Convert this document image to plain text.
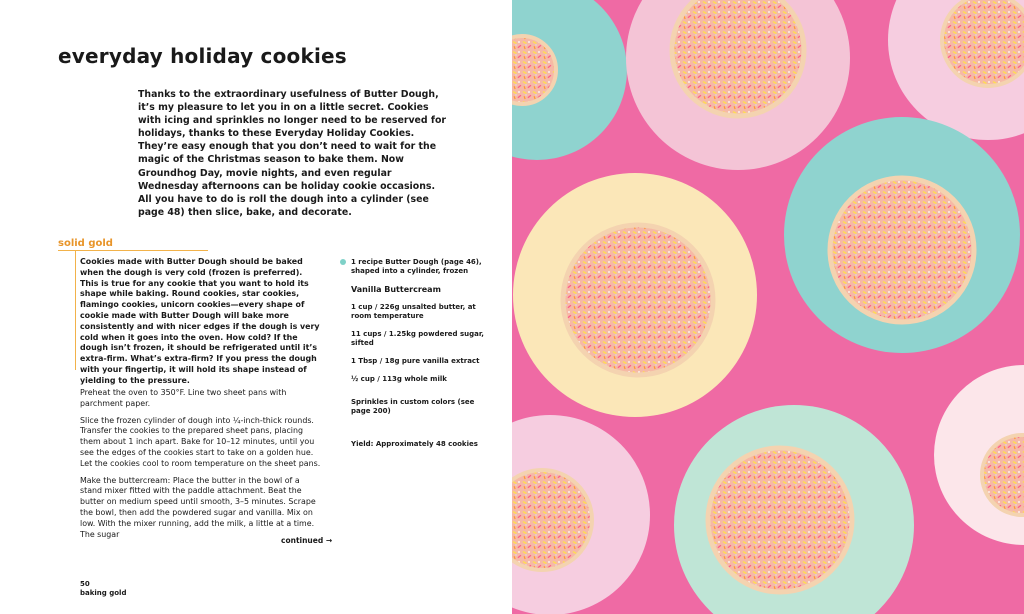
everyday holiday cookies
Thanks to the extraordinary usefulness of Butter Dough, it’s my pleasure to let you in on a little secret. Cookies with icing and sprinkles no longer need to be reserved for holidays, thanks to these Everyday Holiday Cookies. They’re easy enough that you don’t need to wait for the magic of the Christmas season to bake them. Now Groundhog Day, movie nights, and even regular Wednesday afternoons can be holiday cookie occasions. All you have to do is roll the dough into a cylinder (see page 48) then slice, bake, and decorate.
solid gold
Cookies made with Butter Dough should be baked when the dough is very cold (frozen is preferred). This is true for any cookie that you want to hold its shape while baking. Round cookies, star cookies, flamingo cookies, unicorn cookies—every shape of cookie made with Butter Dough will bake more consistently and with nicer edges if the dough is very cold when it goes into the oven. How cold? If the dough isn’t frozen, it should be refrigerated until it’s extra-firm. What’s extra-firm? If you press the dough with your fingertip, it will hold its shape instead of yielding to the pressure.

Preheat the oven to 350°F. Line two sheet pans with parchment paper.

Slice the frozen cylinder of dough into ¼-inch-thick rounds. Transfer the cookies to the prepared sheet pans, placing them about 1 inch apart. Bake for 10–12 minutes, until you see the edges of the cookies start to take on a golden hue. Let the cookies cool to room temperature on the sheet pans.

Make the buttercream: Place the butter in the bowl of a stand mixer fitted with the paddle attachment. Beat the butter on medium speed until smooth, 3–5 minutes. Scrape the bowl, then add the powdered sugar and vanilla. Mix on low. With the mixer running, add the milk, a little at a time. The sugar

continued →
1 recipe Butter Dough (page 46), shaped into a cylinder, frozen
Vanilla Buttercream
1 cup / 226g unsalted butter, at room temperature
11 cups / 1.25kg powdered sugar, sifted
1 Tbsp / 18g pure vanilla extract
½ cup / 113g whole milk
Sprinkles in custom colors (see page 200)
Yield: Approximately 48 cookies
50
baking gold
